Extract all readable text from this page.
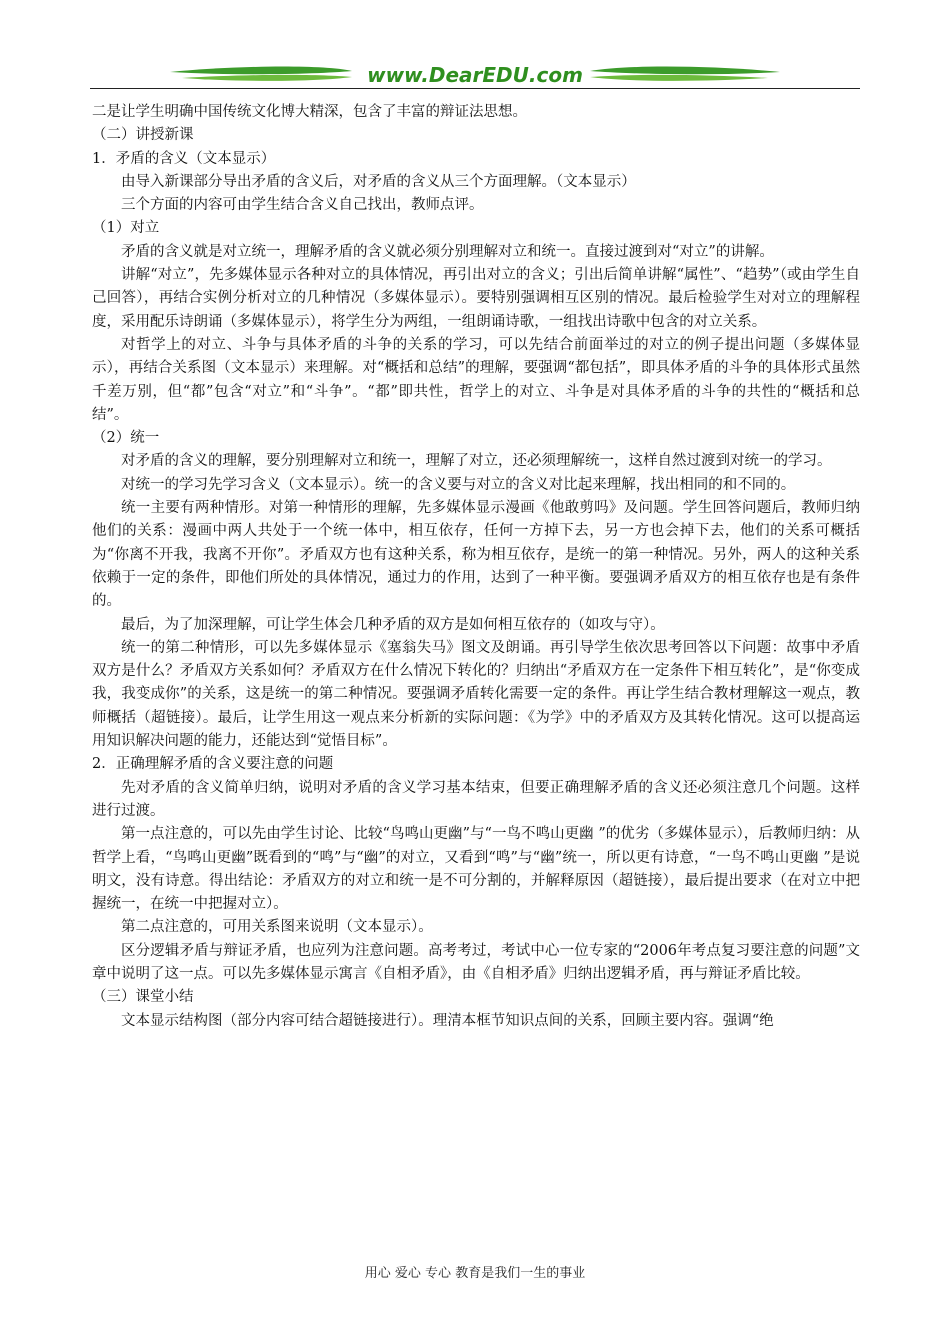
www.DearEDU.com

二是让学生明确中国传统文化博大精深，包含了丰富的辩证法思想。

（二）讲授新课

1．矛盾的含义（文本显示）

由导入新课部分导出矛盾的含义后，对矛盾的含义从三个方面理解。（文本显示）

三个方面的内容可由学生结合含义自己找出，教师点评。

（1）对立

矛盾的含义就是对立统一，理解矛盾的含义就必须分别理解对立和统一。直接过渡到对“对立”的讲解。

讲解“对立”，先多媒体显示各种对立的具体情况，再引出对立的含义；引出后简单讲解“属性”、“趋势”（或由学生自己回答），再结合实例分析对立的几种情况（多媒体显示）。要特别强调相互区别的情况。最后检验学生对对立的理解程度，采用配乐诗朗诵（多媒体显示），将学生分为两组，一组朗诵诗歌，一组找出诗歌中包含的对立关系。

对哲学上的对立、斗争与具体矛盾的斗争的关系的学习，可以先结合前面举过的对立的例子提出问题（多媒体显示），再结合关系图（文本显示）来理解。对“概括和总结”的理解，要强调“都包括”，即具体矛盾的斗争的具体形式虽然千差万别，但“都”包含“对立”和“斗争”。“都”即共性，哲学上的对立、斗争是对具体矛盾的斗争的共性的“概括和总结”。

（2）统一

对矛盾的含义的理解，要分别理解对立和统一，理解了对立，还必须理解统一，这样自然过渡到对统一的学习。

对统一的学习先学习含义（文本显示）。统一的含义要与对立的含义对比起来理解，找出相同的和不同的。

统一主要有两种情形。对第一种情形的理解，先多媒体显示漫画《他敢剪吗》及问题。学生回答问题后，教师归纳他们的关系：漫画中两人共处于一个统一体中，相互依存，任何一方掉下去，另一方也会掉下去，他们的关系可概括为“你离不开我，我离不开你”。矛盾双方也有这种关系，称为相互依存，是统一的第一种情况。另外，两人的这种关系依赖于一定的条件，即他们所处的具体情况，通过力的作用，达到了一种平衡。要强调矛盾双方的相互依存也是有条件的。

最后，为了加深理解，可让学生体会几种矛盾的双方是如何相互依存的（如攻与守）。

统一的第二种情形，可以先多媒体显示《塞翁失马》图文及朗诵。再引导学生依次思考回答以下问题：故事中矛盾双方是什么？矛盾双方关系如何？矛盾双方在什么情况下转化的？归纳出“矛盾双方在一定条件下相互转化”，是“你变成我，我变成你”的关系，这是统一的第二种情况。要强调矛盾转化需要一定的条件。再让学生结合教材理解这一观点，教师概括（超链接）。最后，让学生用这一观点来分析新的实际问题：《为学》中的矛盾双方及其转化情况。这可以提高运用知识解决问题的能力，还能达到“觉悟目标”。

2．正确理解矛盾的含义要注意的问题

先对矛盾的含义简单归纳，说明对矛盾的含义学习基本结束，但要正确理解矛盾的含义还必须注意几个问题。这样进行过渡。

第一点注意的，可以先由学生讨论、比较“鸟鸣山更幽”与“一鸟不鸣山更幽 ”的优劣（多媒体显示），后教师归纳：从哲学上看，“鸟鸣山更幽”既看到的“鸣”与“幽”的对立，又看到“鸣”与“幽”统一，所以更有诗意，“一鸟不鸣山更幽 ”是说明文，没有诗意。得出结论：矛盾双方的对立和统一是不可分割的，并解释原因（超链接），最后提出要求（在对立中把握统一，在统一中把握对立）。

第二点注意的，可用关系图来说明（文本显示）。

区分逻辑矛盾与辩证矛盾，也应列为注意问题。高考考过，考试中心一位专家的“2006年考点复习要注意的问题”文章中说明了这一点。可以先多媒体显示寓言《自相矛盾》，由《自相矛盾》归纳出逻辑矛盾，再与辩证矛盾比较。

（三）课堂小结

文本显示结构图（部分内容可结合超链接进行）。理清本框节知识点间的关系，回顾主要内容。强调“绝

用心 爱心 专心 教育是我们一生的事业
